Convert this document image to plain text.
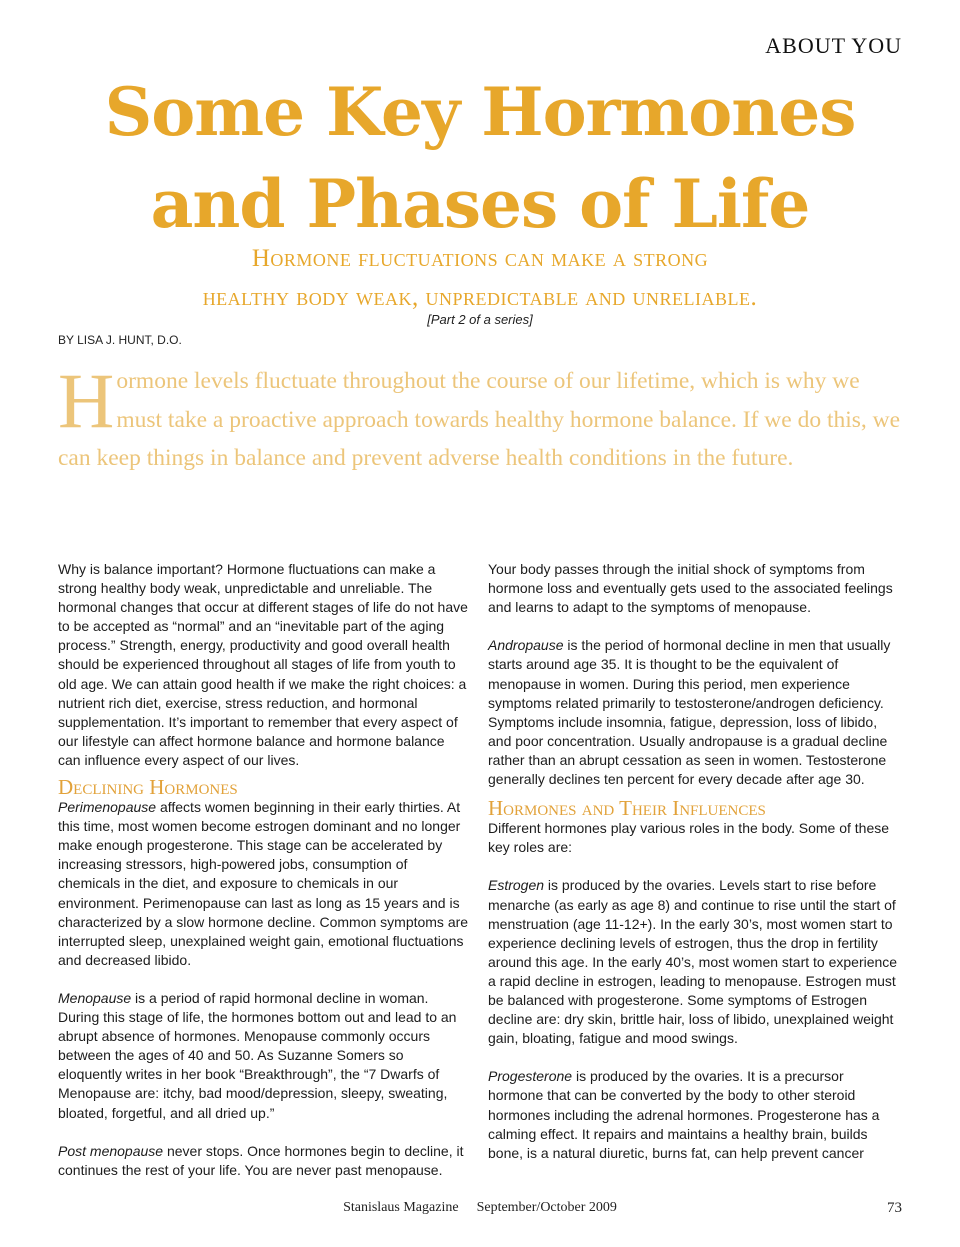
ABOUT YOU
Some Key Hormones
and Phases of Life
Hormone fluctuations can make a strong
healthy body weak, unpredictable and unreliable.
[Part 2 of a series]
BY LISA J. HUNT, D.O.
Hormone levels fluctuate throughout the course of our lifetime, which is why we must take a proactive approach towards healthy hormone balance. If we do this, we can keep things in balance and prevent adverse health conditions in the future.

Why is balance important? Hormone fluctuations can make a strong healthy body weak, unpredictable and unreliable. The hormonal changes that occur at different stages of life do not have to be accepted as “normal” and an “inevitable part of the aging process.” Strength, energy, productivity and good overall health should be experienced throughout all stages of life from youth to old age. We can attain good health if we make the right choices: a nutrient rich diet, exercise, stress reduction, and hormonal supplementation. It’s important to remember that every aspect of our lifestyle can affect hormone balance and hormone balance can influence every aspect of our lives.

Declining Hormones

Perimenopause affects women beginning in their early thirties. At this time, most women become estrogen dominant and no longer make enough progesterone. This stage can be accelerated by increasing stressors, high-powered jobs, consumption of chemicals in the diet, and exposure to chemicals in our environment. Perimenopause can last as long as 15 years and is characterized by a slow hormone decline. Common symptoms are interrupted sleep, unexplained weight gain, emotional fluctuations and decreased libido.

Menopause is a period of rapid hormonal decline in woman. During this stage of life, the hormones bottom out and lead to an abrupt absence of hormones. Menopause commonly occurs between the ages of 40 and 50. As Suzanne Somers so eloquently writes in her book “Breakthrough”, the “7 Dwarfs of Menopause are: itchy, bad mood/depression, sleepy, sweating, bloated, forgetful, and all dried up.”

Post menopause never stops. Once hormones begin to decline, it continues the rest of your life. You are never past menopause.

Your body passes through the initial shock of symptoms from hormone loss and eventually gets used to the associated feelings and learns to adapt to the symptoms of menopause.

Andropause is the period of hormonal decline in men that usually starts around age 35. It is thought to be the equivalent of menopause in women. During this period, men experience symptoms related primarily to testosterone/androgen deficiency. Symptoms include insomnia, fatigue, depression, loss of libido, and poor concentration. Usually andropause is a gradual decline rather than an abrupt cessation as seen in women. Testosterone generally declines ten percent for every decade after age 30.

Hormones and Their Influences

Different hormones play various roles in the body. Some of these key roles are:

Estrogen is produced by the ovaries. Levels start to rise before menarche (as early as age 8) and continue to rise until the start of menstruation (age 11-12+). In the early 30’s, most women start to experience declining levels of estrogen, thus the drop in fertility around this age. In the early 40’s, most women start to experience a rapid decline in estrogen, leading to menopause. Estrogen must be balanced with progesterone. Some symptoms of Estrogen decline are: dry skin, brittle hair, loss of libido, unexplained weight gain, bloating, fatigue and mood swings.

Progesterone is produced by the ovaries. It is a precursor hormone that can be converted by the body to other steroid hormones including the adrenal hormones. Progesterone has a calming effect. It repairs and maintains a healthy brain, builds bone, is a natural diuretic, burns fat, can help prevent cancer

Stanislaus Magazine September/October 2009	73
